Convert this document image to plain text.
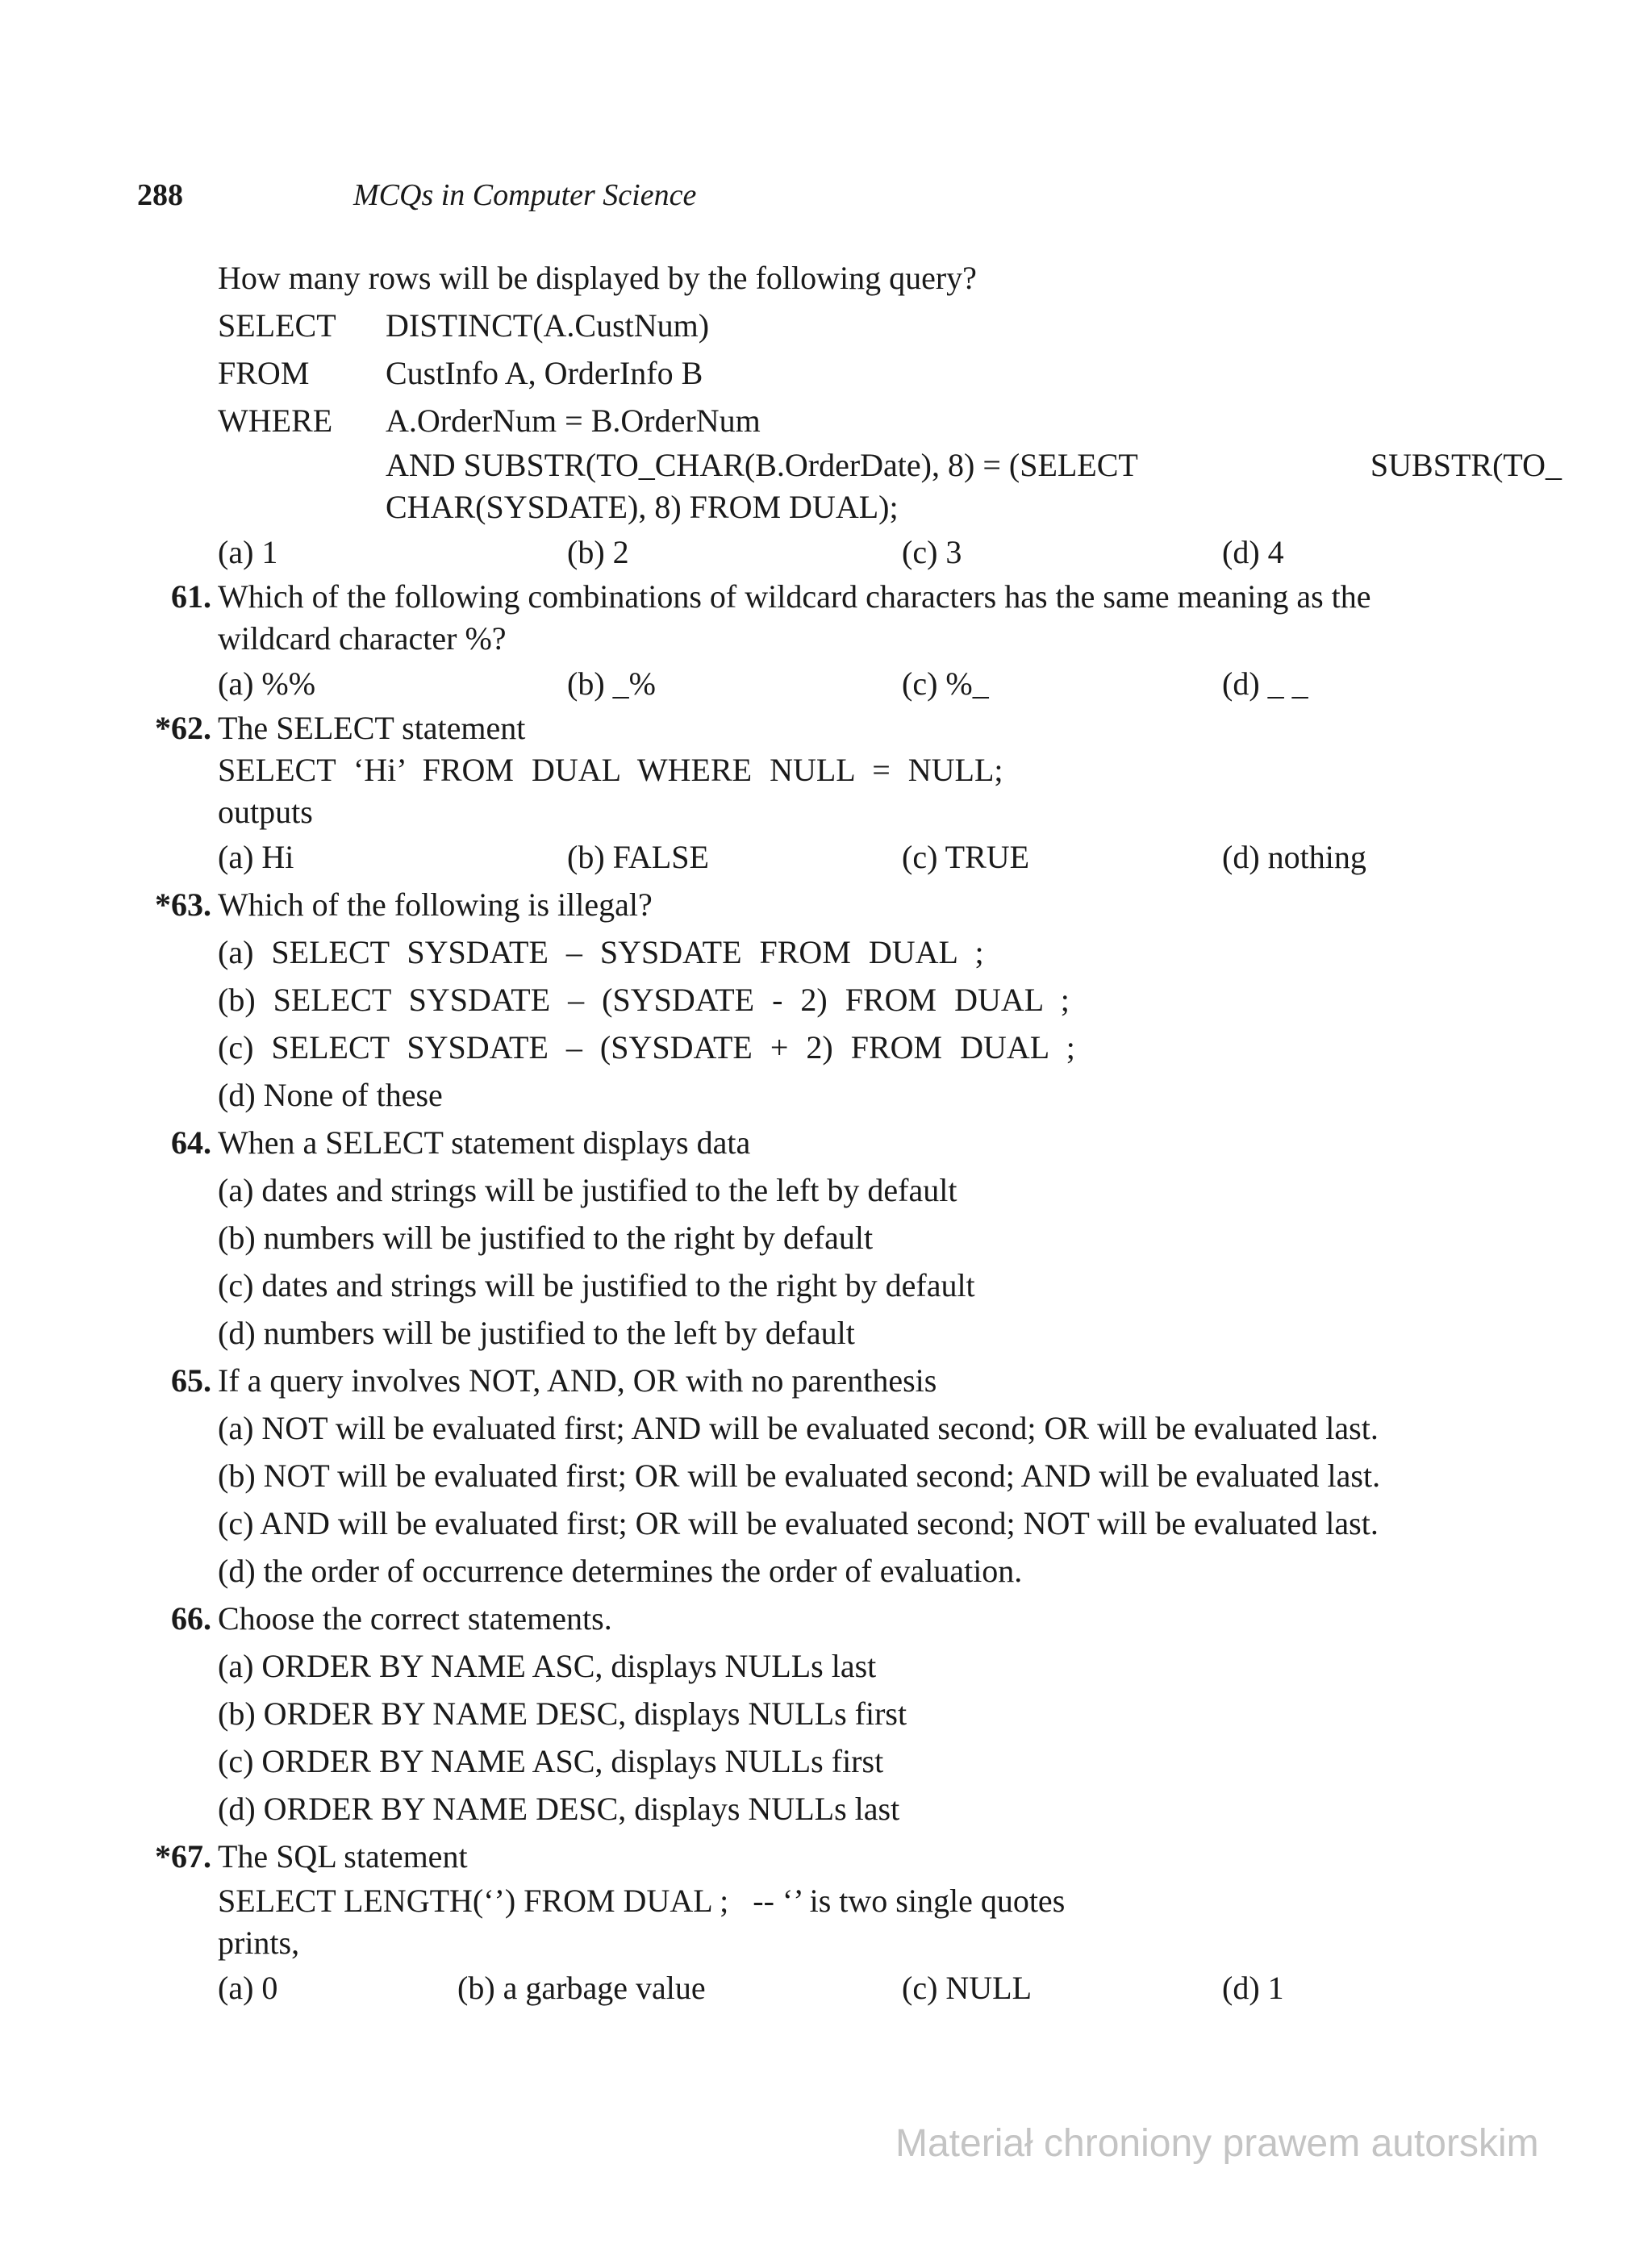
288	MCQs in Computer Science
How many rows will be displayed by the following query?
SELECT DISTINCT(A.CustNum)
FROM CustInfo A, OrderInfo B
WHERE A.OrderNum = B.OrderNum
AND SUBSTR(TO_CHAR(B.OrderDate), 8) = (SELECT	SUBSTR(TO_
CHAR(SYSDATE), 8) FROM DUAL);
(a) 1	(b) 2	(c) 3	(d) 4
61. Which of the following combinations of wildcard characters has the same meaning as the
wildcard character %?
(a) %%	(b) _%	(c) %_	(d) _ _
*62. The SELECT statement
SELECT ‘Hi’ FROM DUAL WHERE NULL = NULL;
outputs
(a) Hi	(b) FALSE	(c) TRUE	(d) nothing
*63. Which of the following is illegal?
(a) SELECT SYSDATE – SYSDATE FROM DUAL ;
(b) SELECT SYSDATE – (SYSDATE - 2) FROM DUAL ;
(c) SELECT SYSDATE – (SYSDATE + 2) FROM DUAL ;
(d) None of these
64. When a SELECT statement displays data
(a) dates and strings will be justified to the left by default
(b) numbers will be justified to the right by default
(c) dates and strings will be justified to the right by default
(d) numbers will be justified to the left by default
65. If a query involves NOT, AND, OR with no parenthesis
(a) NOT will be evaluated first; AND will be evaluated second; OR will be evaluated last.
(b) NOT will be evaluated first; OR will be evaluated second; AND will be evaluated last.
(c) AND will be evaluated first; OR will be evaluated second; NOT will be evaluated last.
(d) the order of occurrence determines the order of evaluation.
66. Choose the correct statements.
(a) ORDER BY NAME ASC, displays NULLs last
(b) ORDER BY NAME DESC, displays NULLs first
(c) ORDER BY NAME ASC, displays NULLs first
(d) ORDER BY NAME DESC, displays NULLs last
*67. The SQL statement
SELECT LENGTH(‘’) FROM DUAL ;   -- ‘’ is two single quotes
prints,
(a) 0	(b) a garbage value	(c) NULL	(d) 1
Materiał chroniony prawem autorskim
